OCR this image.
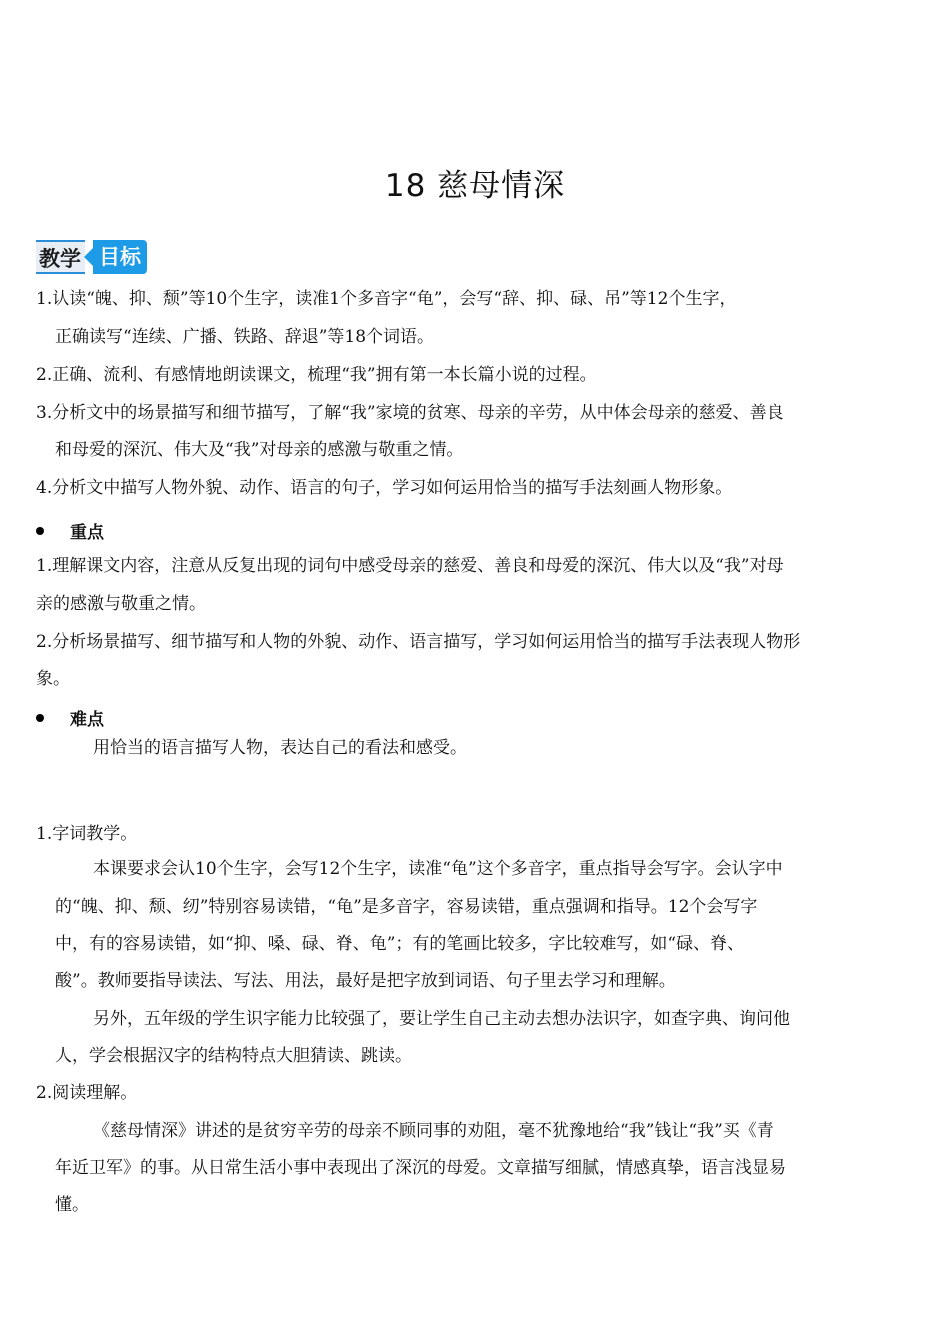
18 慈母情深
教学 目标
1.认读“魄、抑、颓”等10个生字，读准1个多音字“龟”，会写“辞、抑、碌、吊”等12个生字，
正确读写“连续、广播、铁路、辞退”等18个词语。
2.正确、流利、有感情地朗读课文，梳理“我”拥有第一本长篇小说的过程。
3.分析文中的场景描写和细节描写，了解“我”家境的贫寒、母亲的辛劳，从中体会母亲的慈爱、善良
和母爱的深沉、伟大及“我”对母亲的感激与敬重之情。
4.分析文中描写人物外貌、动作、语言的句子，学习如何运用恰当的描写手法刻画人物形象。
重点
1.理解课文内容，注意从反复出现的词句中感受母亲的慈爱、善良和母爱的深沉、伟大以及“我”对母
亲的感激与敬重之情。
2.分析场景描写、细节描写和人物的外貌、动作、语言描写，学习如何运用恰当的描写手法表现人物形
象。
难点
用恰当的语言描写人物，表达自己的看法和感受。
1.字词教学。
本课要求会认10个生字，会写12个生字，读准“龟”这个多音字，重点指导会写字。会认字中
的“魄、抑、颓、纫”特别容易读错，“龟”是多音字，容易读错，重点强调和指导。12个会写字
中，有的容易读错，如“抑、嗓、碌、脊、龟”；有的笔画比较多，字比较难写，如“碌、脊、
酸”。教师要指导读法、写法、用法，最好是把字放到词语、句子里去学习和理解。
另外，五年级的学生识字能力比较强了，要让学生自己主动去想办法识字，如查字典、询问他
人，学会根据汉字的结构特点大胆猜读、跳读。
2.阅读理解。
《慈母情深》讲述的是贫穷辛劳的母亲不顾同事的劝阻，毫不犹豫地给“我”钱让“我”买《青
年近卫军》的事。从日常生活小事中表现出了深沉的母爱。文章描写细腻，情感真挚，语言浅显易
懂。
